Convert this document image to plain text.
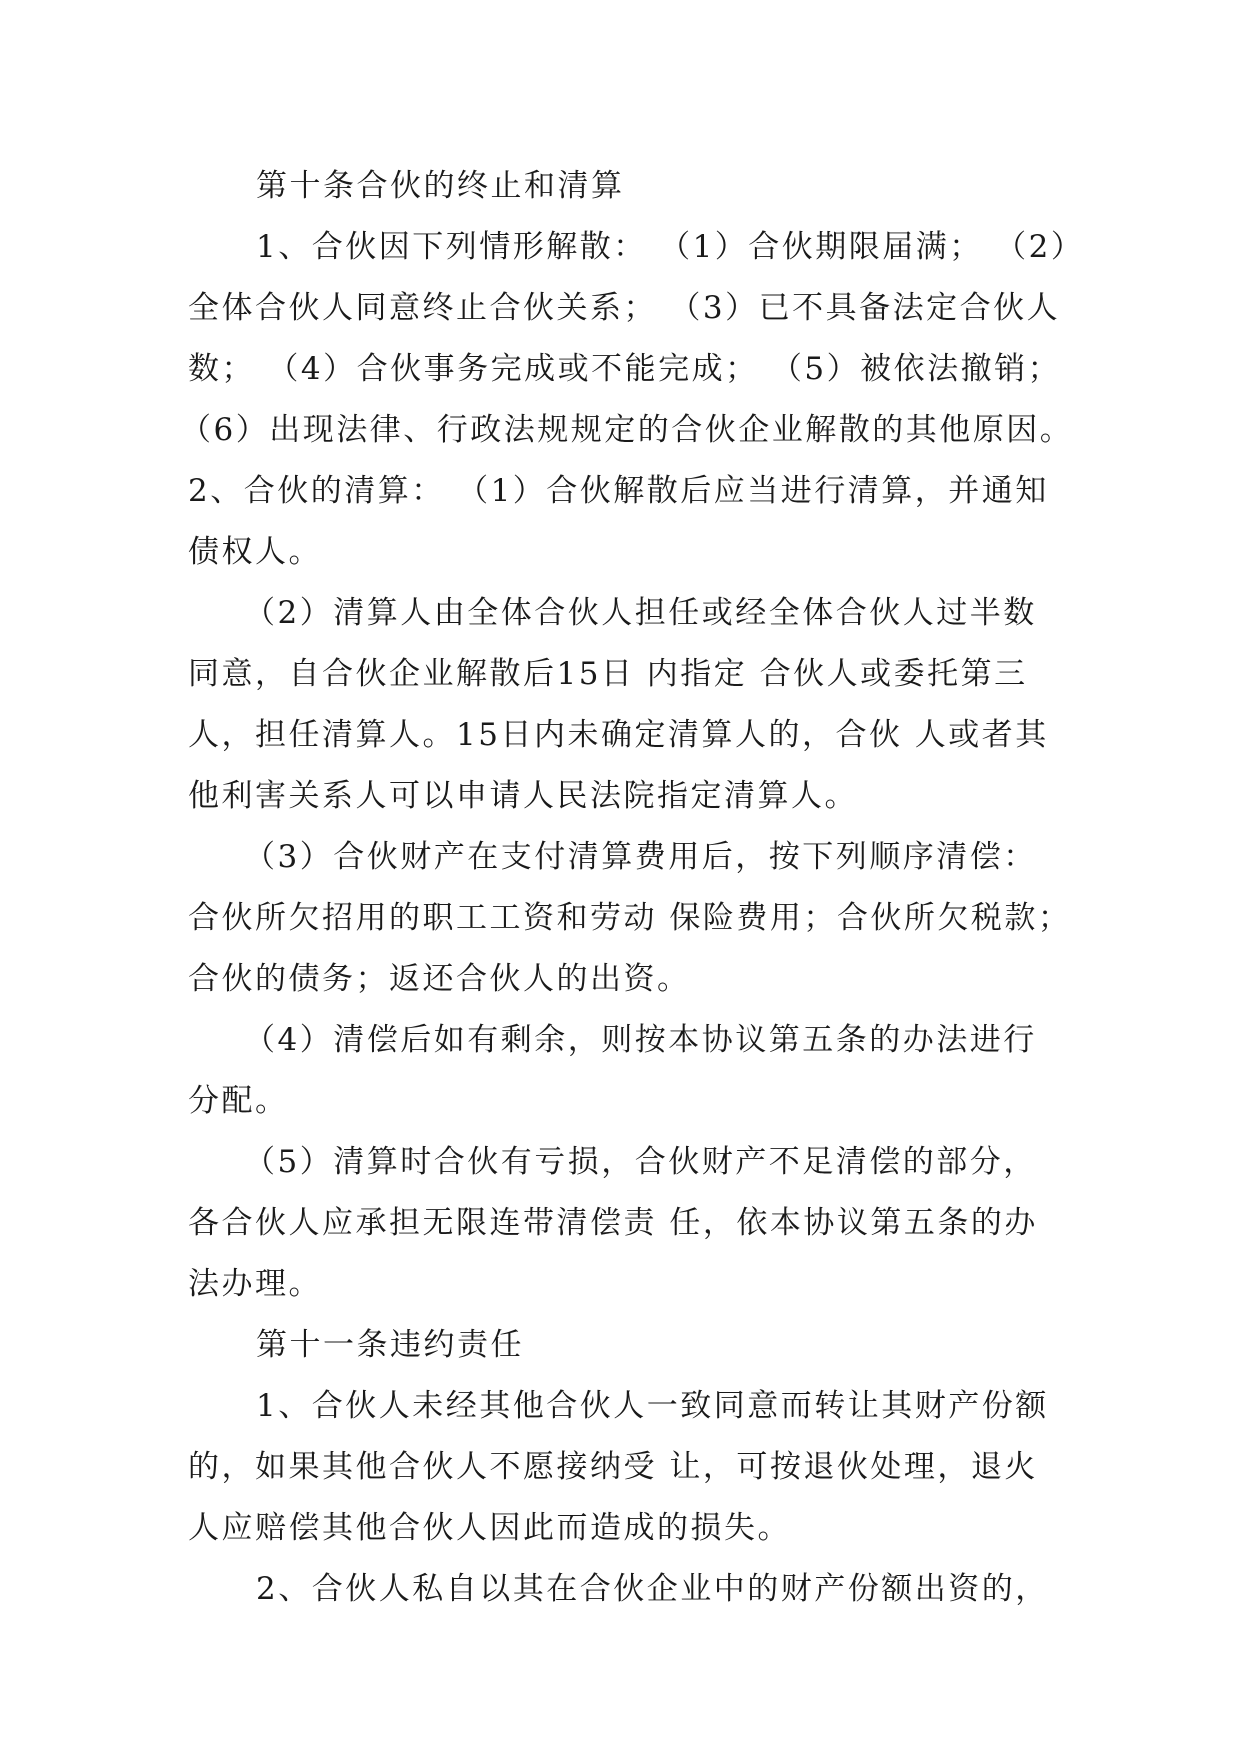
第十条合伙的终止和清算
1、合伙因下列情形解散： （1）合伙期限届满； （2）
全体合伙人同意终止合伙关系； （3）已不具备法定合伙人
数； （4）合伙事务完成或不能完成； （5）被依法撤销；
（6）出现法律、行政法规规定的合伙企业解散的其他原因。
2、合伙的清算： （1）合伙解散后应当进行清算，并通知
债权人。
（2）清算人由全体合伙人担任或经全体合伙人过半数
同意，自合伙企业解散后15日 内指定 合伙人或委托第三
人，担任清算人。15日内未确定清算人的，合伙 人或者其
他利害关系人可以申请人民法院指定清算人。
（3）合伙财产在支付清算费用后，按下列顺序清偿：
合伙所欠招用的职工工资和劳动 保险费用；合伙所欠税款；
合伙的债务；返还合伙人的出资。
（4）清偿后如有剩余，则按本协议第五条的办法进行
分配。
（5）清算时合伙有亏损，合伙财产不足清偿的部分，
各合伙人应承担无限连带清偿责 任，依本协议第五条的办
法办理。
第十一条违约责任
1、合伙人未经其他合伙人一致同意而转让其财产份额
的，如果其他合伙人不愿接纳受 让，可按退伙处理，退火
人应赔偿其他合伙人因此而造成的损失。
2、合伙人私自以其在合伙企业中的财产份额出资的，
